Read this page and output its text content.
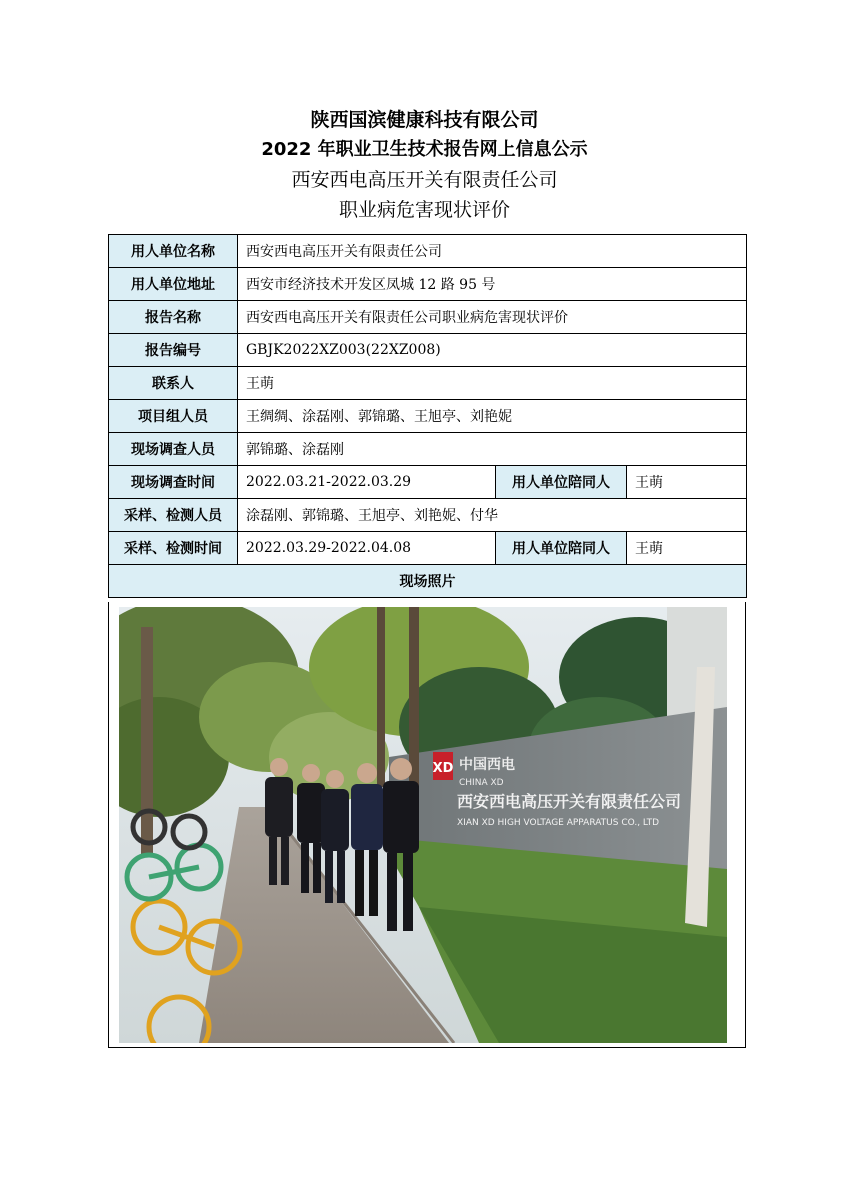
陕西国滨健康科技有限公司
2022 年职业卫生技术报告网上信息公示
西安西电高压开关有限责任公司
职业病危害现状评价
用人单位名称	西安西电高压开关有限责任公司		
用人单位地址	西安市经济技术开发区凤城 12 路 95 号		
报告名称	西安西电高压开关有限责任公司职业病危害现状评价		
报告编号	GBJK2022XZ003(22XZ008)		
联系人	王萌		
项目组人员	王绸绸、涂磊刚、郭锦璐、王旭亭、刘艳妮		
现场调查人员	郭锦璐、涂磊刚		
现场调查时间	2022.03.21-2022.03.29	用人单位陪同人	王萌
采样、检测人员	涂磊刚、郭锦璐、王旭亭、刘艳妮、付华		
采样、检测时间	2022.03.29-2022.04.08	用人单位陪同人	王萌
现场照片			
XD 中国西电
CHINA XD
西安西电高压开关有限责任公司
XIAN XD HIGH VOLTAGE APPARATUS CO., LTD
